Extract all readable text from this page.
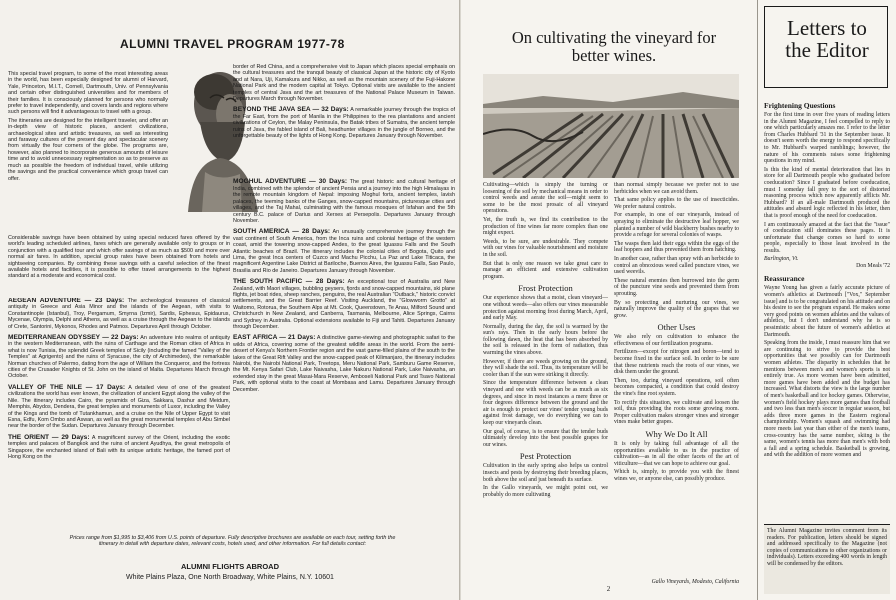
ALUMNI TRAVEL PROGRAM 1977-78

This special travel program, to some of the most interesting areas in the world, has been especially designed for alumni of Harvard, Yale, Princeton, M.I.T., Cornell, Dartmouth, Univ. of Pennsylvania and certain other distinguished universities and for members of their families. It is consciously planned for persons who normally prefer to travel independently, and covers lands and regions where such persons will find it advantageous to travel with a group.

The itineraries are designed for the intelligent traveler, and offer an in-depth view of historic places, ancient civilizations, archaeological sites and artistic treasures, as well as interesting and faraway cultures of the present day and spectacular scenery from virtually the four corners of the globe. The programs are, however, also planned to incorporate generous amounts of leisure time and to avoid unnecessary regimentation so as to preserve as much as possible the freedom of individual travel, while utilizing the savings and the practical convenience which group travel can offer.

Considerable savings have been obtained by using special reduced fares offered by the world's leading scheduled airlines, fares which are generally available only to groups or in conjunction with a qualified tour and which offer savings of as much as $500 and more over normal air fares. In addition, special group rates have been obtained from hotels and sightseeing companies. By combining these savings with a careful selection of the finest available hotels and facilities, it is possible to offer travel arrangements to the highest standard at a moderate and economical cost.

AEGEAN ADVENTURE — 23 Days: The archeological treasures of classical antiquity in Greece and Asia Minor and the islands of the Aegean, with visits to Constantinople (Istanbul), Troy, Pergamum, Smyrna (Izmir), Sardis, Ephesus, Epidaurus, Mycenae, Olympia, Delphi and Athens, as well as a cruise through the Aegean to the islands of Crete, Santorini, Mykonos, Rhodes and Patmos. Departures April through October.

MEDITERRANEAN ODYSSEY — 22 Days: An adventure into realms of antiquity in the western Mediterranean, with the ruins of Carthage and the Roman cities of Africa in what is now Tunisia, the splendid Greek temples of Sicily (including the famed "Valley of the Temples" at Agrigento) and the ruins of Syracuse, the city of Archimedes), the remarkable Norman churches of Palermo, dating from the age of William the Conqueror, and the fortress cities of the Crusader Knights of St. John on the island of Malta. Departures March through October.

VALLEY OF THE NILE — 17 Days: A detailed view of one of the greatest civilizations the world has ever known, the civilization of ancient Egypt along the valley of the Nile. The itinerary includes Cairo, the pyramids of Giza, Sakkara, Dashur and Meidum, Memphis, Abydos, Dendera, the great temples and monuments of Luxor, including the Valley of the Kings and the tomb of Tutankhamun, and a cruise on the Nile of Upper Egypt to visit Esna, Edfu, Kom Ombo and Aswan, as well as the great monumental temples of Abu Simbel near the border of the Sudan. Departures January through December.

THE ORIENT — 29 Days: A magnificent survey of the Orient, including the exotic temples and palaces of Bangkok and the ruins of ancient Ayudhya, the great metropolis of Singapore, the enchanted island of Bali with its unique artistic heritage, the famed port of Hong Kong on the

border of Red China, and a comprehensive visit to Japan which places special emphasis on the cultural treasures and the tranquil beauty of classical Japan at the historic city of Kyoto and at Nara, Uji, Kamakura and Nikko, as well as the mountain scenery of the Fuji-Hakone National Park and the modern capital at Tokyo. Optional visits are available to the ancient temples of central Java and the art treasures of the National Palace Museum in Taiwan. Departures March through November.

BEYOND THE JAVA SEA — 32 Days: A remarkable journey through the tropics of the Far East, from the port of Manila in the Philippines to the rea plantations and ancient civilizations of Ceylon, the Malay Peninsula, the Batak tribes of Sumatra, the ancient temple ruins of Java, the fabled island of Bali, headhunter villages in the jungle of Borneo, and the unforgettable beauty of the lights of Hong Kong. Departures January through November.

MOGHUL ADVENTURE — 30 Days: The great historic and cultural heritage of India, combined with the splendor of ancient Persia and a journey into the high Himalayas in the remote mountain kingdom of Nepal: imposing Moghul forts, ancient temples, lavish palaces, the teeming banks of the Ganges, snow-capped mountains, picturesque cities and villages, and the Taj Mahal, culminating with the famous mosques of Isfahan and the 5th century B.C. palace of Darius and Xerxes at Persepolis. Departures January through November.

SOUTH AMERICA — 28 Days: An unusually comprehensive journey through the vast continent of South America, from the Inca ruins and colonial heritage of the western coast, amid the towering snow-capped Andes, to the great Iguassu Falls and the South Atlantic beaches of Brazil. The itinerary includes the colonial cities of Bogota, Quito and Lima, the great Inca centers of Cuzco and Machu Picchu, La Paz and Lake Titicaca, the magnificent Argentine Lake District at Bariloche, Buenos Aires, the Iguassu Falls, Sao Paulo, Brasilia and Rio de Janeiro. Departures January through November.

THE SOUTH PACIFIC — 28 Days: An exceptional tour of Australia and New Zealand, with Maori villages, bubbling geysers, fjords and snow-capped mountains, ski plane flights, jet boat rides, sheep ranches, penguins, the real Australian "Outback," historic convict settlements, and the Great Barrier Reef. Visiting Auckland, the "Glowworm Grotto" at Waitomo, Rotorua, the Southern Alps at Mt. Cook, Queenstown, Te Anau, Milford Sound and Christchurch in New Zealand, and Canberra, Tasmania, Melbourne, Alice Springs, Cairns and Sydney in Australia. Optional extensions available to Fiji and Tahiti. Departures January through December.

EAST AFRICA — 21 Days: A distinctive game-viewing and photographic safari to the wilds of Africa, covering some of the greatest wildlife areas in the world. From the semi-desert of Kenya's Northern Frontier region and the vast game-filled plains of the south to the lakes of the Great Rift Valley and the snow-capped peak of Kilimanjaro, the itinerary includes Nairobi, the Nairobi National Park, Treetops, Meru National Park, Samburu Game Reserve, the Mt. Kenya Safari Club, Lake Naivasha, Lake Nakuru National Park, Lake Naivasha, an extended stay in the great Masai-Mara Reserve, Amboseli National Park and Tsavo National Park, with optional visits to the coast at Mombasa and Lamu. Departures January through December.

Prices range from $1,995 to $3,406 from U.S. points of departure. Fully descriptive brochures are available on each tour, setting forth the itinerary in detail with departure dates, relevant costs, hotels used, and other information. For full details contact:
ALUMNI FLIGHTS ABROAD
White Plains Plaza, One North Broadway, White Plains, N.Y. 10601
On cultivating the vineyard for better wines.

Cultivating—which is simply the turning or loosening of the soil by mechanical means in order to control weeds and aerate the soil—might seem to some to be the most prosaic of all vineyard operations.

Yet, the truth is, we find its contribution to the production of fine wines far more complex than one might expect.

Weeds, to be sure, are undesirable. They compete with our vines for valuable nourishment and moisture in the soil.

But that is only one reason we take great care to manage an efficient and extensive cultivation program.

Frost Protection

Our experience shows that a moist, clean vineyard—one without weeds—also offers our vines measurable protection against morning frost during March, April, and early May.

Normally, during the day, the soil is warmed by the sun's rays. Then in the early hours before the following dawn, the heat that has been absorbed by the soil is released in the form of radiation, thus warming the vines above.

However, if there are weeds growing on the ground, they will shade the soil. Thus, its temperature will be cooler than if the sun were striking it directly.

Since the temperature difference between a clean vineyard and one with weeds can be as much as six degrees, and since in most instances a mere three or four degrees difference between the ground and the air is enough to protect our vines' tender young buds against frost damage, we do everything we can to keep our vineyards clean.

Our goal, of course, is to ensure that the tender buds ultimately develop into the best possible grapes for our wines.

Pest Protection

Cultivation in the early spring also helps us control insects and pests by destroying their breeding places, both above the soil and just beneath its surface.

In the Gallo vineyards, we might point out, we probably do more cultivating

than normal simply because we prefer not to use herbicides when we can avoid them.

That same policy applies to the use of insecticides. We prefer natural controls.

For example, in one of our vineyards, instead of spraying to eliminate the destructive leaf hopper, we planted a number of wild blackberry bushes nearby to provide a refuge for several colonies of wasps.

The wasps then laid their eggs within the eggs of the leaf hoppers and thus prevented them from hatching.

In another case, rather than spray with an herbicide to control an obnoxious weed called puncture vines, we used weevils.

These natural enemies then burrowed into the germ of the puncture vine seeds and prevented them from sprouting.

By so protecting and nurturing our vines, we naturally improve the quality of the grapes that we grow.

Other Uses

We also rely on cultivation to enhance the effectiveness of our fertilization programs.

Fertilizers—except for nitrogen and boron—tend to become fixed in the surface soil. In order to be sure that these nutrients reach the roots of our vines, we disk them under the ground.

Then, too, during vineyard operations, soil often becomes compacted, a condition that could destroy the vine's fine root system.

To rectify this situation, we cultivate and loosen the soil, thus providing the roots some growing room. Proper cultivation makes stronger vines and stronger vines make better grapes.

Why We Do It All

It is only by taking full advantage of all the opportunities available to us in the practice of cultivation—as in all the other facets of the art of viticulture—that we can hope to achieve our goal.

Which is, simply, to provide you with the finest wines we, or anyone else, can possibly produce.

Gallo Vineyards, Modesto, California
2
Letters to the Editor
Frightening Questions

For the first time in over five years of reading letters in the Alumni Magazine, I feel compelled to reply to one which particularly amazes me. I refer to the letter from Charles Hubbard '31 in the September issue. It doesn't seem worth the energy to respond specifically to Mr. Hubbard's warped ramblings; however, the nature of his comments raises some frightening questions in my mind.

Is this the kind of mental deterioration that lies in store for all Dartmouth people who graduated before coeducation? Since I graduated before coeducation, must I someday fall prey to the sort of distorted reasoning process which now apparently afflicts Mr. Hubbard? If an all-male Dartmouth produced the attitudes and absurd logic reflected in his letter, then that is proof enough of the need for coeducation.

I am continuously amazed at the fact that the "issue" of coeducation still dominates these pages. It is unfortunate that change comes so hard to some people, especially to those least involved in the results.

Burlington, Vt.
Don Meals '72
Reassurance

Wayne Young has given a fairly accurate picture of women's athletics at Dartmouth ["Vox," September issue] and is to be congratulated on his attitude and on his desire to see the program expand. He makes some very good points on women athletes and the values of athletics, but I don't understand why he is so pessimistic about the future of women's athletics at Dartmouth.

Speaking from the inside, I must reassure him that we are continuing to strive to provide the best opportunities that we possibly can for Dartmouth women athletes. The disparity in schedules that he mentions between men's and women's sports is not entirely true. As more women have been admitted, more games have been added and the budget has increased. What distorts the view is the large number of men's basketball and ice hockey games. Otherwise, women's field hockey plays more games than football and two less than men's soccer in regular season, but adds three more games in the Eastern regional championship. Women's squash and swimming had more meets last year than either of the men's teams, cross-country has the same number, skiing is the same, women's tennis has more than men's with both a fall and a spring schedule. Basketball is growing, and with the addition of more women and

The Alumni Magazine invites comment from its readers. For publication, letters should be signed and addressed specifically to the Magazine (not copies of communications to other organizations or individuals). Letters exceeding 400 words in length will be condensed by the editors.
